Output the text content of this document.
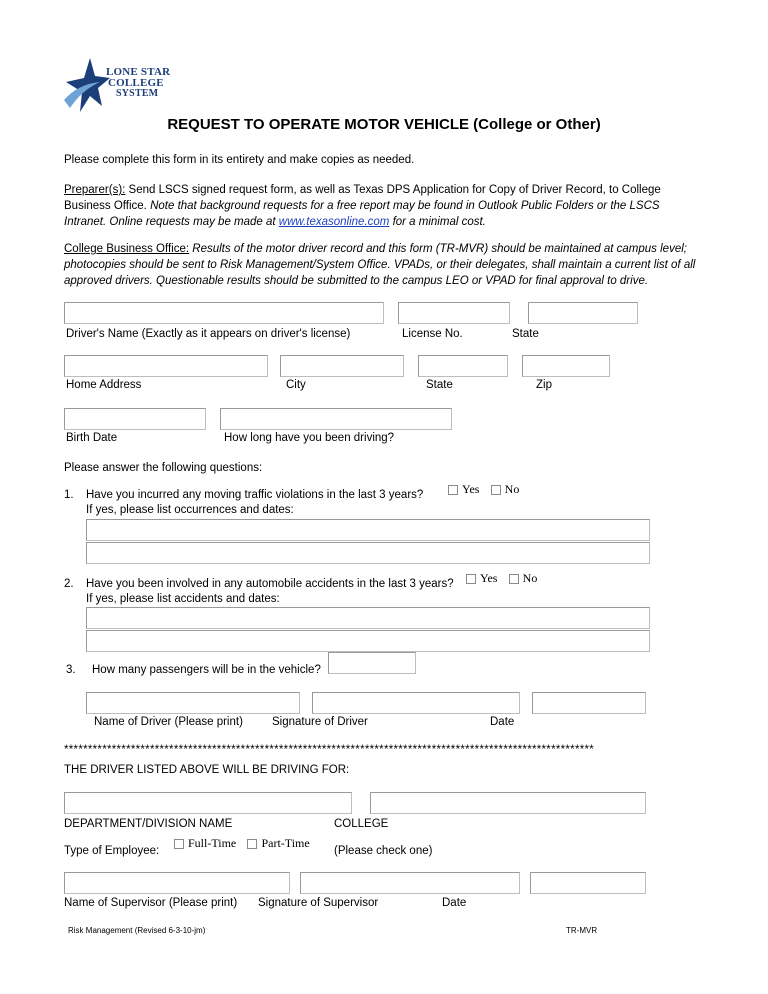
LONE STAR
COLLEGE
SYSTEM
REQUEST TO OPERATE MOTOR VEHICLE (College or Other)
Please complete this form in its entirety and make copies as needed.
Preparer(s): Send LSCS signed request form, as well as Texas DPS Application for Copy of Driver Record, to College Business Office. Note that background requests for a free report may be found in Outlook Public Folders or the LSCS Intranet. Online requests may be made at www.texasonline.com for a minimal cost.
College Business Office: Results of the motor driver record and this form (TR-MVR) should be maintained at campus level; photocopies should be sent to Risk Management/System Office. VPADs, or their delegates, shall maintain a current list of all approved drivers. Questionable results should be submitted to the campus LEO or VPAD for final approval to drive.
Driver's Name (Exactly as it appears on driver's license)	License No.	State
Home Address	City	State	Zip
Birth Date	How long have you been driving?
Please answer the following questions:
1. Have you incurred any moving traffic violations in the last 3 years?
If yes, please list occurrences and dates:
Yes No
2. Have you been involved in any automobile accidents in the last 3 years?
If yes, please list accidents and dates:
Yes No
3. How many passengers will be in the vehicle?
Name of Driver (Please print)	Signature of Driver	Date
***************************************************************************************************************
THE DRIVER LISTED ABOVE WILL BE DRIVING FOR:
DEPARTMENT/DIVISION NAME	COLLEGE
Type of Employee:
Full-Time Part-Time
(Please check one)
Name of Supervisor (Please print) Signature of Supervisor	Date
Risk Management (Revised 6-3-10-jm)	TR-MVR
